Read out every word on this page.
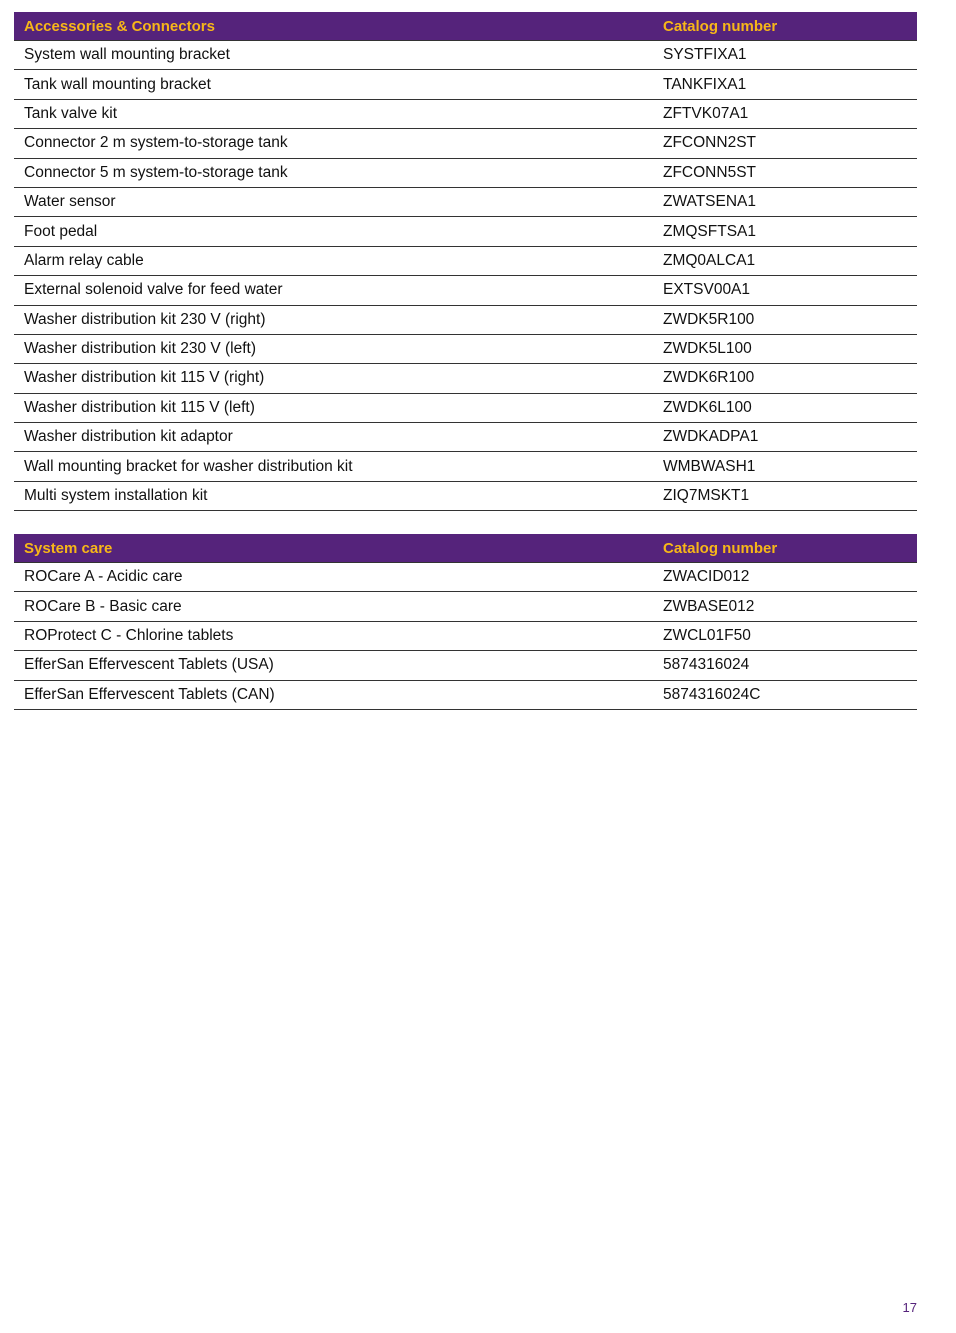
Accessories & Connectors	Catalog number
System wall mounting bracket	SYSTFIXA1
Tank wall mounting bracket	TANKFIXA1
Tank valve kit	ZFTVK07A1
Connector 2 m system-to-storage tank	ZFCONN2ST
Connector 5 m system-to-storage tank	ZFCONN5ST
Water sensor	ZWATSENA1
Foot pedal	ZMQSFTSA1
Alarm relay cable	ZMQ0ALCA1
External solenoid valve for feed water	EXTSV00A1
Washer distribution kit 230 V (right)	ZWDK5R100
Washer distribution kit 230 V (left)	ZWDK5L100
Washer distribution kit 115 V (right)	ZWDK6R100
Washer distribution kit 115 V (left)	ZWDK6L100
Washer distribution kit adaptor	ZWDKADPA1
Wall mounting bracket for washer distribution kit	WMBWASH1
Multi system installation kit	ZIQ7MSKT1
System care	Catalog number
ROCare A - Acidic care	ZWACID012
ROCare B - Basic care	ZWBASE012
ROProtect C - Chlorine tablets	ZWCL01F50
EfferSan Effervescent Tablets (USA)	5874316024
EfferSan Effervescent Tablets (CAN)	5874316024C
17
